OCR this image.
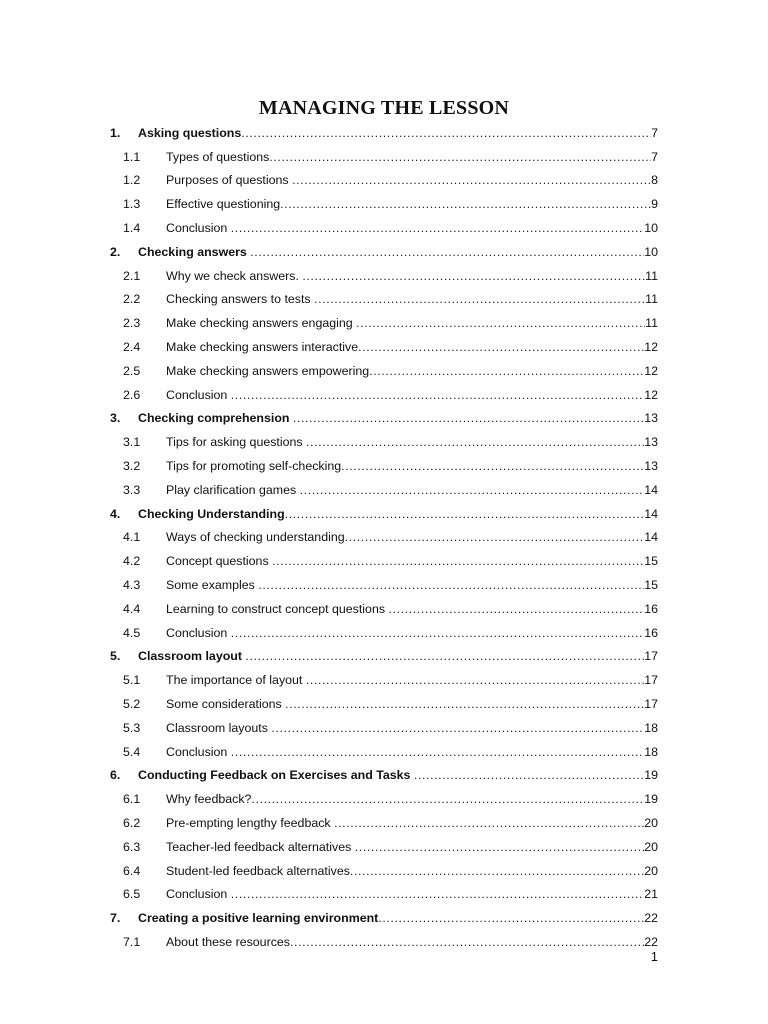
MANAGING THE LESSON
1. Asking questions .....	7
1.1 Types of questions .....	7
1.2 Purposes of questions .....	8
1.3 Effective questioning .....	9
1.4 Conclusion .....	10
2. Checking answers .....	10
2.1 Why we check answers. .....	11
2.2 Checking answers to tests .....	11
2.3 Make checking answers engaging .....	11
2.4 Make checking answers interactive .....	12
2.5 Make checking answers empowering .....	12
2.6 Conclusion .....	12
3. Checking comprehension .....	13
3.1 Tips for asking questions .....	13
3.2 Tips for promoting self-checking .....	13
3.3 Play clarification games .....	14
4. Checking Understanding .....	14
4.1 Ways of checking understanding .....	14
4.2 Concept questions .....	15
4.3 Some examples .....	15
4.4 Learning to construct concept questions .....	16
4.5 Conclusion .....	16
5. Classroom layout .....	17
5.1 The importance of layout .....	17
5.2 Some considerations .....	17
5.3 Classroom layouts .....	18
5.4 Conclusion .....	18
6. Conducting Feedback on Exercises and Tasks .....	19
6.1 Why feedback? .....	19
6.2 Pre-empting lengthy feedback .....	20
6.3 Teacher-led feedback alternatives .....	20
6.4 Student-led feedback alternatives .....	20
6.5 Conclusion .....	21
7. Creating a positive learning environment .....	22
7.1 About these resources .....	22
1
